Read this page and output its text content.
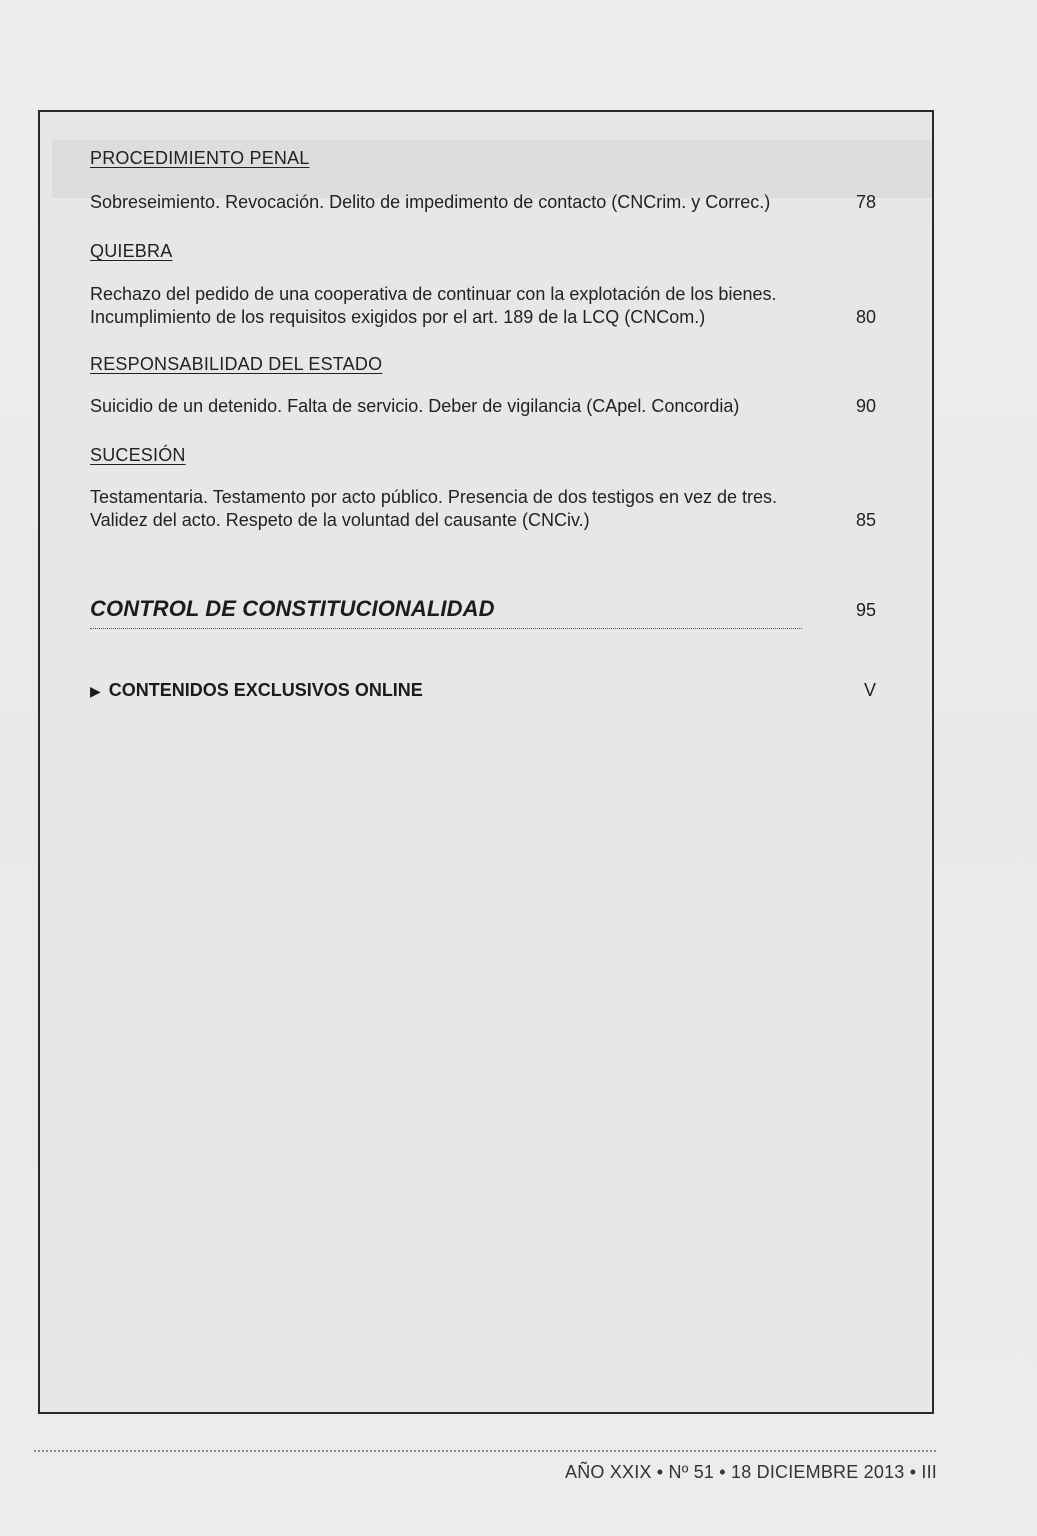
PROCEDIMIENTO PENAL
Sobreseimiento. Revocación. Delito de impedimento de contacto (CNCrim. y Correc.)	78
QUIEBRA
Rechazo del pedido de una cooperativa de continuar con la explotación de los bienes.
Incumplimiento de los requisitos exigidos por el art. 189 de la LCQ (CNCom.)	80
RESPONSABILIDAD DEL ESTADO
Suicidio de un detenido. Falta de servicio. Deber de vigilancia (CApel. Concordia)	90
SUCESIÓN
Testamentaria. Testamento por acto público. Presencia de dos testigos en vez de tres.
Validez del acto. Respeto de la voluntad del causante (CNCiv.)	85
CONTROL DE CONSTITUCIONALIDAD	95
▶ CONTENIDOS EXCLUSIVOS ONLINE	V
AÑO XXIX • Nº 51 • 18 DICIEMBRE 2013 • III
